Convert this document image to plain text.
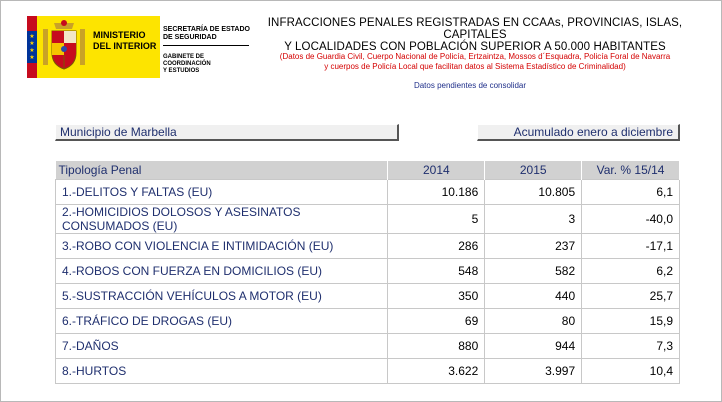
★
★
★
★
MINISTERIO
DEL INTERIOR
SECRETARÍA DE ESTADO
DE SEGURIDAD
GABINETE DE COORDINACIÓN
Y ESTUDIOS
INFRACCIONES PENALES REGISTRADAS EN CCAAs, PROVINCIAS, ISLAS, CAPITALES
Y LOCALIDADES CON POBLACIÓN SUPERIOR A 50.000 HABITANTES
(Datos de Guardia Civil, Cuerpo Nacional de Policía, Ertzaintza, Mossos d´Esquadra, Policía Foral de Navarra
y cuerpos de Policía Local que facilitan datos al Sistema Estadístico de Criminalidad)
Datos pendientes de consolidar
Municipio de Marbella	Acumulado enero a diciembre
Tipología Penal	2014	2015	Var. % 15/14
1.-DELITOS Y FALTAS (EU)	10.186	10.805	6,1
2.-HOMICIDIOS DOLOSOS Y ASESINATOS CONSUMADOS (EU)	5	3	-40,0
3.-ROBO CON VIOLENCIA E INTIMIDACIÓN (EU)	286	237	-17,1
4.-ROBOS CON FUERZA EN DOMICILIOS (EU)	548	582	6,2
5.-SUSTRACCIÓN VEHÍCULOS A MOTOR (EU)	350	440	25,7
6.-TRÁFICO DE DROGAS (EU)	69	80	15,9
7.-DAÑOS	880	944	7,3
8.-HURTOS	3.622	3.997	10,4
